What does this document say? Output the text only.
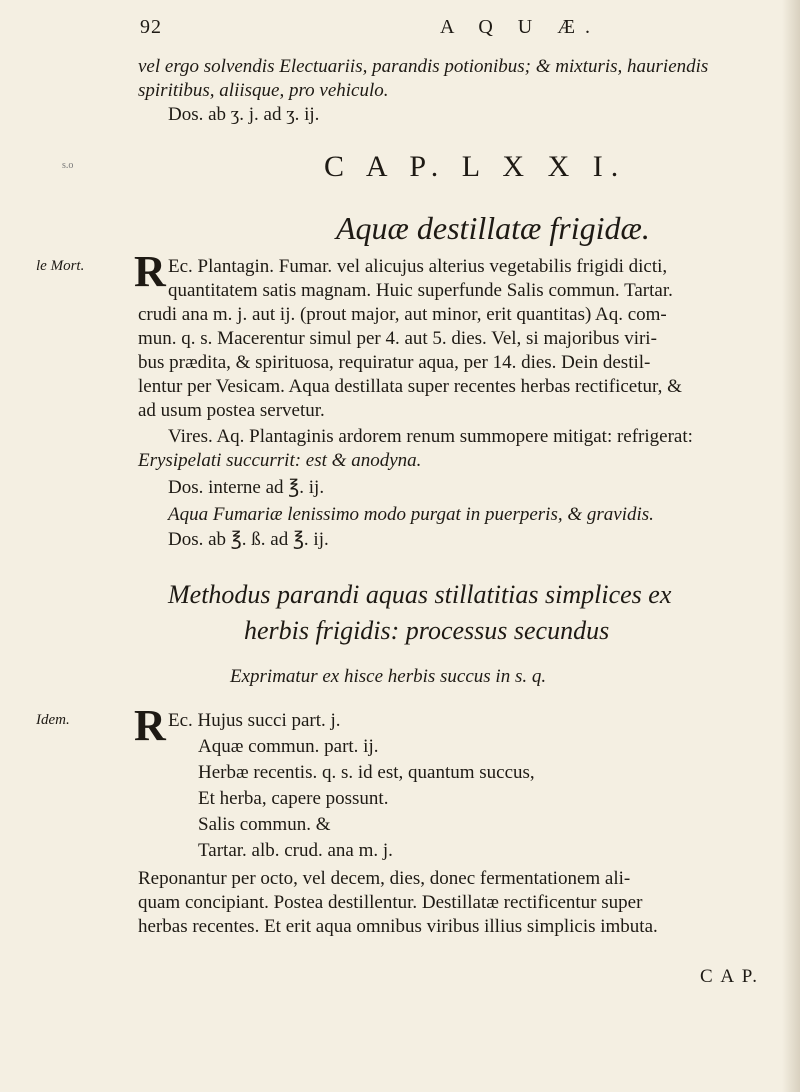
92	A Q U Æ.
vel ergo solvendis Electuariis, parandis potionibus; & mixturis, hauriendis
spiritibus, aliisque, pro vehiculo.
Dos. ab ʒ. j. ad ʒ. ij.
s.o	C A P. L X X I.
Aquæ destillatæ frigidæ.
le Mort. R Ec. Plantagin. Fumar. vel alicujus alterius vegetabilis frigidi dicti,
quantitatem satis magnam. Huic superfunde Salis commun. Tartar.
crudi ana m. j. aut ij. (prout major, aut minor, erit quantitas) Aq. com-
mun. q. s. Macerentur simul per 4. aut 5. dies. Vel, si majoribus viri-
bus prædita, & spirituosa, requiratur aqua, per 14. dies. Dein destil-
lentur per Vesicam. Aqua destillata super recentes herbas rectificetur, &
ad usum postea servetur.
Vires. Aq. Plantaginis ardorem renum summopere mitigat: refrigerat:
Erysipelati succurrit: est & anodyna.
Dos. interne ad ℥. ij.
Aqua Fumariæ lenissimo modo purgat in puerperis, & gravidis.
Dos. ab ℥. ß. ad ℥. ij.
Methodus parandi aquas stillatitias simplices ex
herbis frigidis: processus secundus
Exprimatur ex hisce herbis succus in s. q.
Idem. R Ec. Hujus succi part. j.
Aquæ commun. part. ij.
Herbæ recentis. q. s. id est, quantum succus,
Et herba, capere possunt.
Salis commun. &
Tartar. alb. crud. ana m. j.
Reponantur per octo, vel decem, dies, donec fermentationem ali-
quam concipiant. Postea destillentur. Destillatæ rectificentur super
herbas recentes. Et erit aqua omnibus viribus illius simplicis imbuta.
C A P.
